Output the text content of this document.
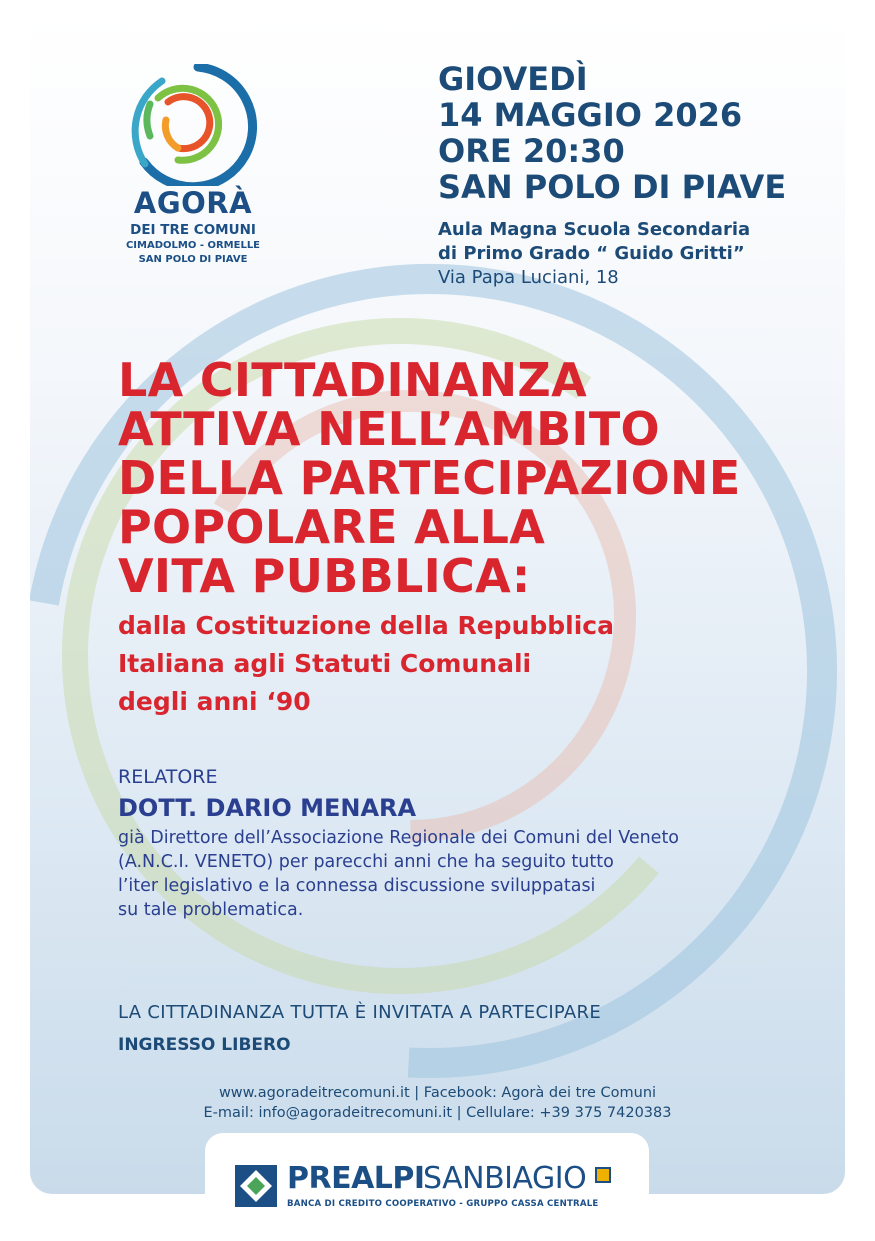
AGORÀ
DEI TRE COMUNI
CIMADOLMO - ORMELLE
SAN POLO DI PIAVE
GIOVEDÌ
14 MAGGIO 2026
ORE 20:30
SAN POLO DI PIAVE
Aula Magna Scuola Secondaria
di Primo Grado “ Guido Gritti”
Via Papa Luciani, 18
LA CITTADINANZA
ATTIVA NELL’AMBITO
DELLA PARTECIPAZIONE
POPOLARE ALLA
VITA PUBBLICA:
dalla Costituzione della Repubblica
Italiana agli Statuti Comunali
degli anni ‘90
RELATORE
DOTT. DARIO MENARA
già Direttore dell’Associazione Regionale dei Comuni del Veneto
(A.N.C.I. VENETO) per parecchi anni che ha seguito tutto
l’iter legislativo e la connessa discussione sviluppatasi
su tale problematica.
LA CITTADINANZA TUTTA È INVITATA A PARTECIPARE
INGRESSO LIBERO
www.agoradeitrecomuni.it | Facebook: Agorà dei tre Comuni
E-mail: info@agoradeitrecomuni.it | Cellulare: +39 375 7420383
PREALPI
SANBIAGIO
BANCA DI CREDITO COOPERATIVO - GRUPPO CASSA CENTRALE
